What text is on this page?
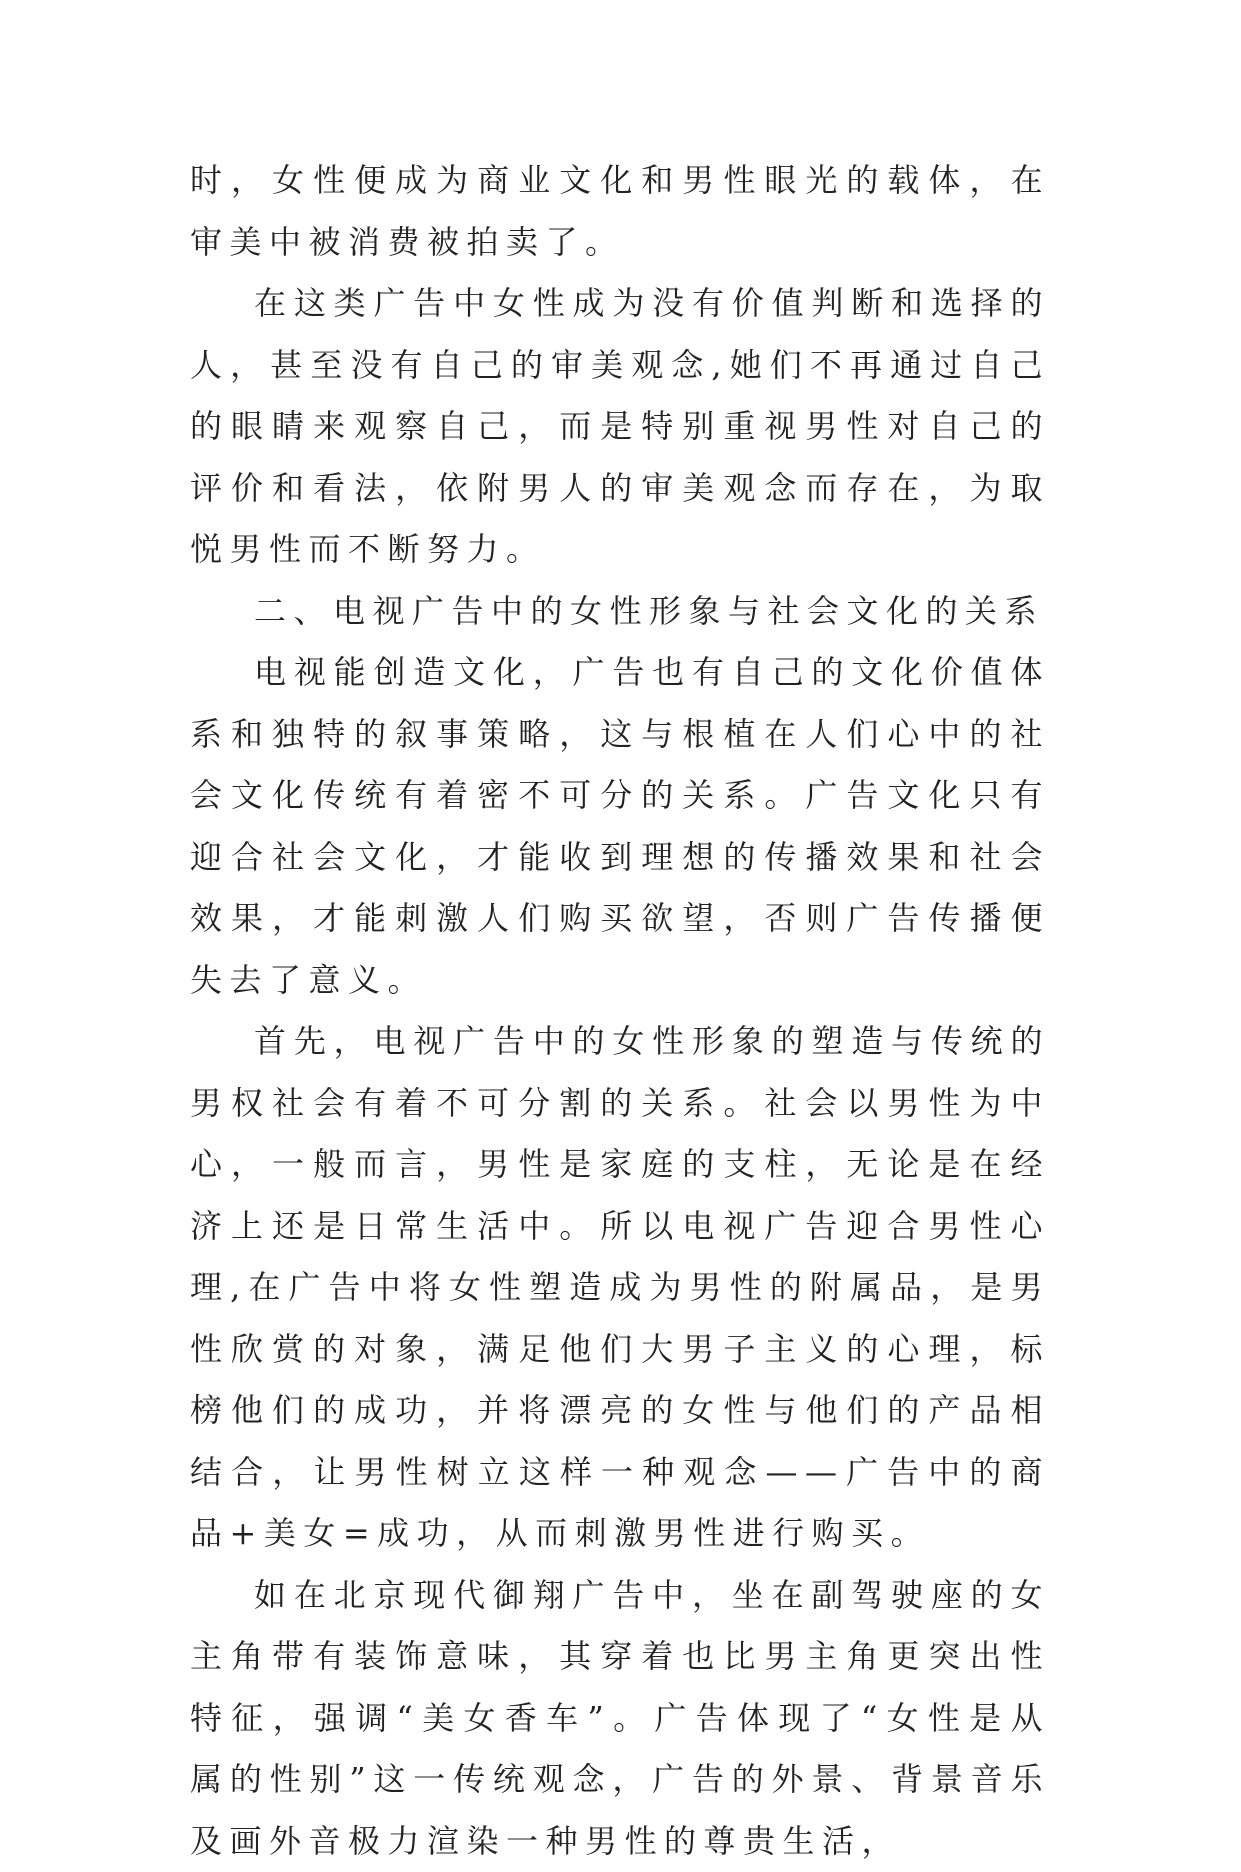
时，女性便成为商业文化和男性眼光的载体，在审美中被消费被拍卖了。

在这类广告中女性成为没有价值判断和选择的人，甚至没有自己的审美观念,她们不再通过自己的眼睛来观察自己，而是特别重视男性对自己的评价和看法，依附男人的审美观念而存在，为取悦男性而不断努力。

二、电视广告中的女性形象与社会文化的关系

电视能创造文化，广告也有自己的文化价值体系和独特的叙事策略，这与根植在人们心中的社会文化传统有着密不可分的关系。广告文化只有迎合社会文化，才能收到理想的传播效果和社会效果，才能刺激人们购买欲望，否则广告传播便失去了意义。

首先，电视广告中的女性形象的塑造与传统的男权社会有着不可分割的关系。社会以男性为中心，一般而言，男性是家庭的支柱，无论是在经济上还是日常生活中。所以电视广告迎合男性心理,在广告中将女性塑造成为男性的附属品，是男性欣赏的对象，满足他们大男子主义的心理，标榜他们的成功，并将漂亮的女性与他们的产品相结合，让男性树立这样一种观念——广告中的商品+美女=成功，从而刺激男性进行购买。

如在北京现代御翔广告中，坐在副驾驶座的女主角带有装饰意味，其穿着也比男主角更突出性特征，强调“美女香车”。广告体现了“女性是从属的性别”这一传统观念，广告的外景、背景音乐及画外音极力渲染一种男性的尊贵生活，
